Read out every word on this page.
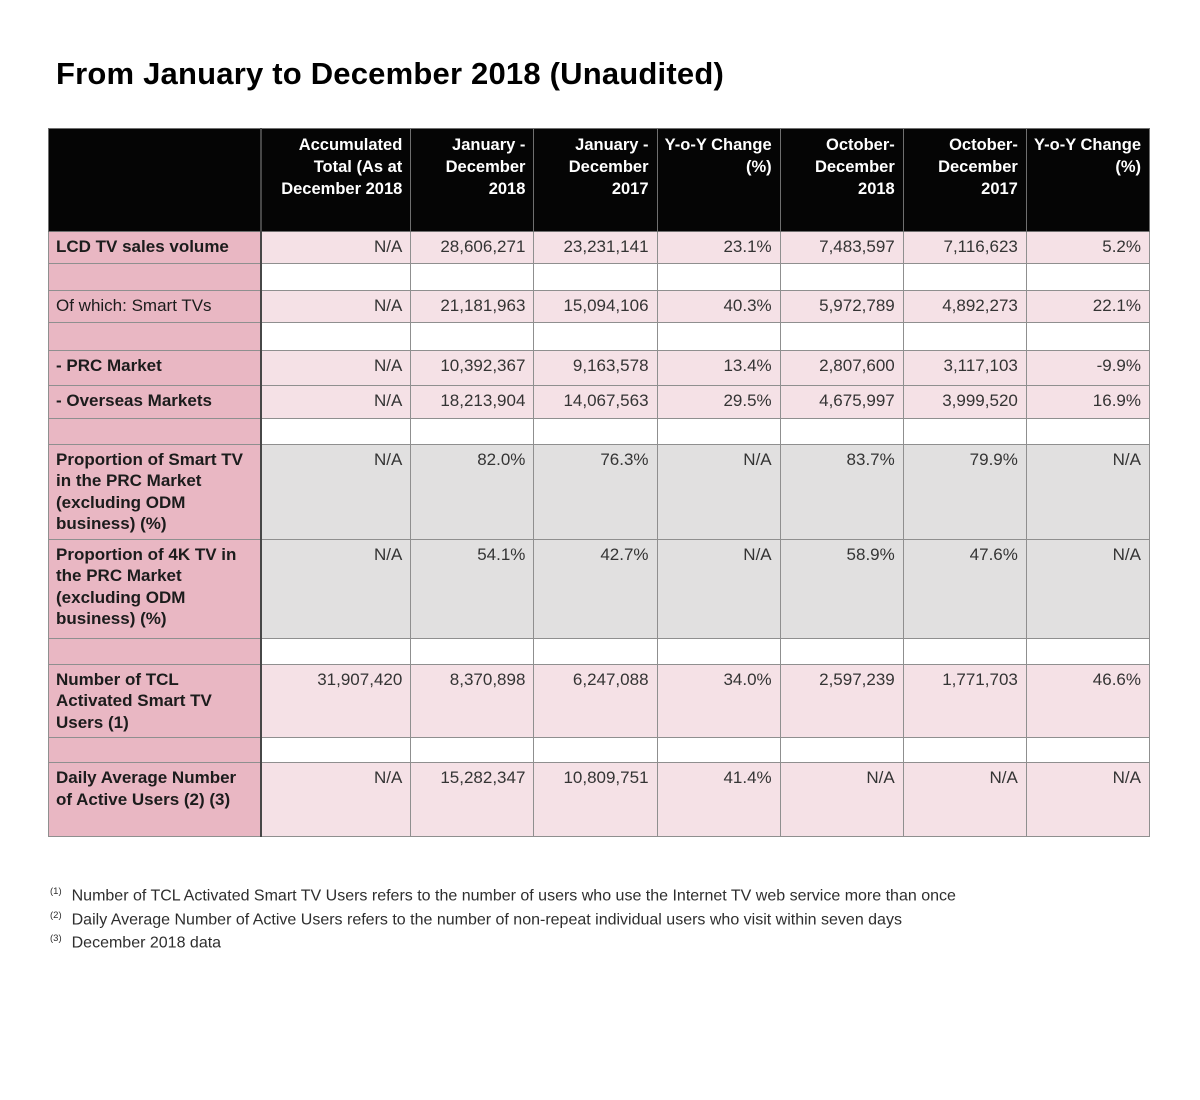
From January to December 2018 (Unaudited)
	Accumulated Total (As at December 2018	January - December 2018	January - December 2017	Y-o-Y Change (%)	October-December 2018	October-December 2017	Y-o-Y Change (%)
LCD TV sales volume	N/A	28,606,271	23,231,141	23.1%	7,483,597	7,116,623	5.2%

Of which: Smart TVs	N/A	21,181,963	15,094,106	40.3%	5,972,789	4,892,273	22.1%

- PRC Market	N/A	10,392,367	9,163,578	13.4%	2,807,600	3,117,103	-9.9%
- Overseas Markets	N/A	18,213,904	14,067,563	29.5%	4,675,997	3,999,520	16.9%

Proportion of Smart TV in the PRC Market (excluding ODM business) (%)	N/A	82.0%	76.3%	N/A	83.7%	79.9%	N/A
Proportion of 4K TV in the PRC Market (excluding ODM business) (%)	N/A	54.1%	42.7%	N/A	58.9%	47.6%	N/A

Number of TCL Activated Smart TV Users (1)	31,907,420	8,370,898	6,247,088	34.0%	2,597,239	1,771,703	46.6%

Daily Average Number of Active Users (2) (3)	N/A	15,282,347	10,809,751	41.4%	N/A	N/A	N/A
$^{(1)}$ Number of TCL Activated Smart TV Users refers to the number of users who use the Internet TV web service more than once
$^{(2)}$ Daily Average Number of Active Users refers to the number of non-repeat individual users who visit within seven days
$^{(3)}$ December 2018 data
